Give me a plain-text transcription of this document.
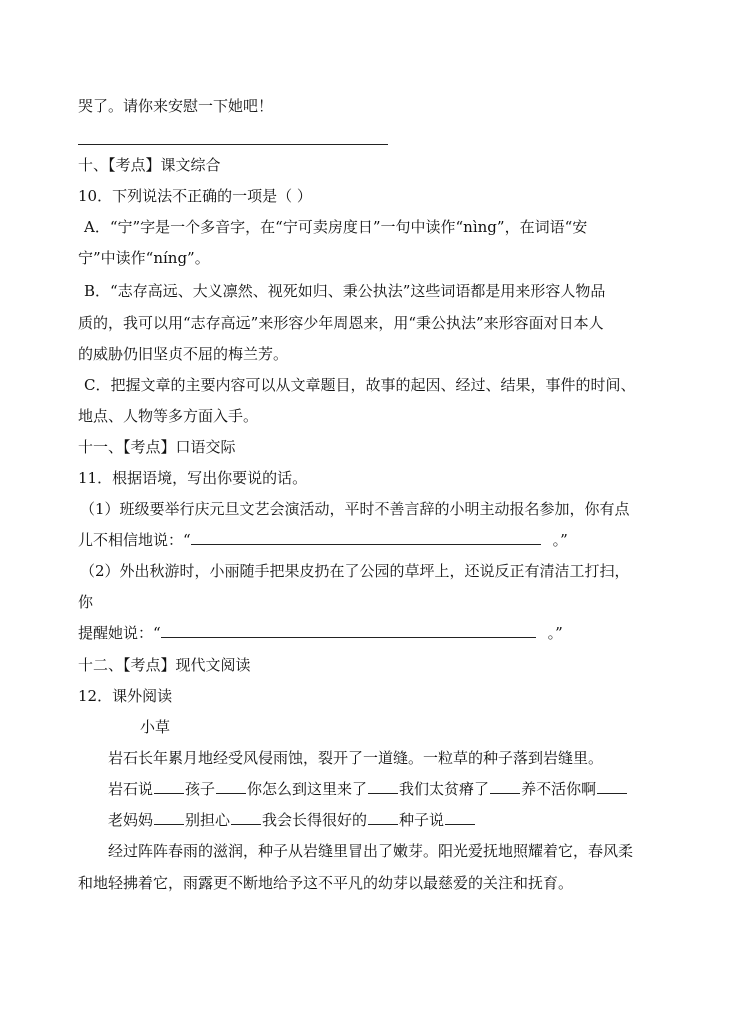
哭了。请你来安慰一下她吧！
十、【考点】课文综合
10．下列说法不正确的一项是（ ）
A．“宁”字是一个多音字，在“宁可卖房度日”一句中读作“nìng”，在词语“安
宁”中读作“níng”。
B．“志存高远、大义凛然、视死如归、秉公执法”这些词语都是用来形容人物品
质的，我可以用“志存高远”来形容少年周恩来，用“秉公执法”来形容面对日本人
的威胁仍旧坚贞不屈的梅兰芳。
C．把握文章的主要内容可以从文章题目，故事的起因、经过、结果，事件的时间、
地点、人物等多方面入手。
十一、【考点】口语交际
11．根据语境，写出你要说的话。
（1）班级要举行庆元旦文艺会演活动，平时不善言辞的小明主动报名参加，你有点
儿不相信地说：“	。”
（2）外出秋游时，小丽随手把果皮扔在了公园的草坪上，还说反正有清洁工打扫，
你
提醒她说：“	。”
十二、【考点】现代文阅读
12．课外阅读
小草
岩石长年累月地经受风侵雨蚀，裂开了一道缝。一粒草的种子落到岩缝里。
岩石说 孩子 你怎么到这里来了 我们太贫瘠了 养不活你啊
老妈妈 别担心 我会长得很好的 种子说
经过阵阵春雨的滋润，种子从岩缝里冒出了嫩芽。阳光爱抚地照耀着它，春风柔
和地轻拂着它，雨露更不断地给予这不平凡的幼芽以最慈爱的关注和抚育。
